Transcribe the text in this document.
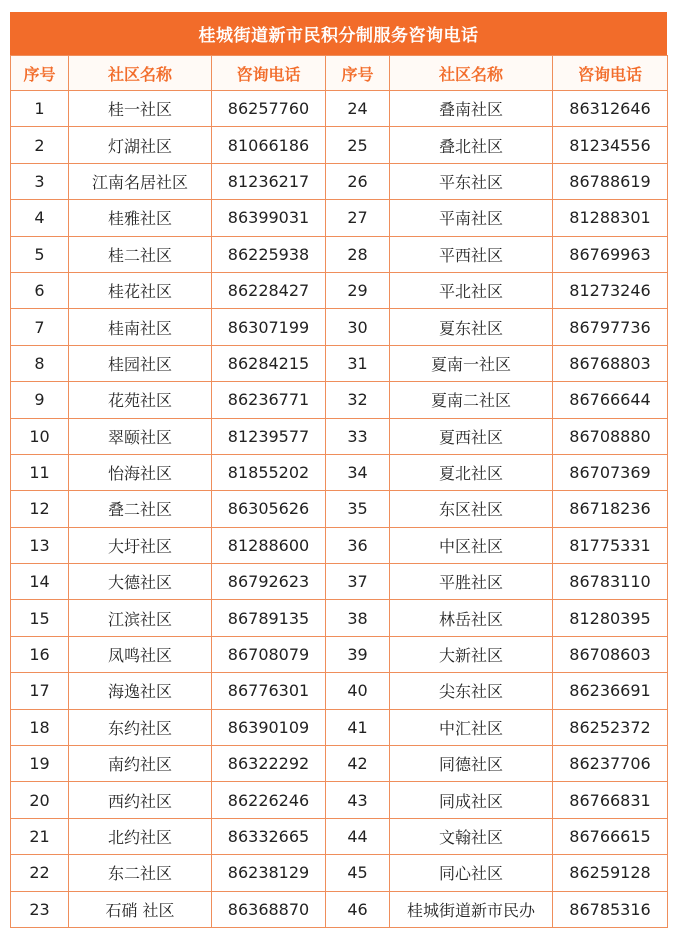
桂城街道新市民积分制服务咨询电话
序号	社区名称	咨询电话	序号	社区名称	咨询电话
1	桂一社区	86257760	24	叠南社区	86312646
2	灯湖社区	81066186	25	叠北社区	81234556
3	江南名居社区	81236217	26	平东社区	86788619
4	桂雅社区	86399031	27	平南社区	81288301
5	桂二社区	86225938	28	平西社区	86769963
6	桂花社区	86228427	29	平北社区	81273246
7	桂南社区	86307199	30	夏东社区	86797736
8	桂园社区	86284215	31	夏南一社区	86768803
9	花苑社区	86236771	32	夏南二社区	86766644
10	翠颐社区	81239577	33	夏西社区	86708880
11	怡海社区	81855202	34	夏北社区	86707369
12	叠二社区	86305626	35	东区社区	86718236
13	大圩社区	81288600	36	中区社区	81775331
14	大德社区	86792623	37	平胜社区	86783110
15	江滨社区	86789135	38	林岳社区	81280395
16	凤鸣社区	86708079	39	大新社区	86708603
17	海逸社区	86776301	40	尖东社区	86236691
18	东约社区	86390109	41	中汇社区	86252372
19	南约社区	86322292	42	同德社区	86237706
20	西约社区	86226246	43	同成社区	86766831
21	北约社区	86332665	44	文翰社区	86766615
22	东二社区	86238129	45	同心社区	86259128
23	石硝 社区	86368870	46	桂城街道新市民办	86785316
